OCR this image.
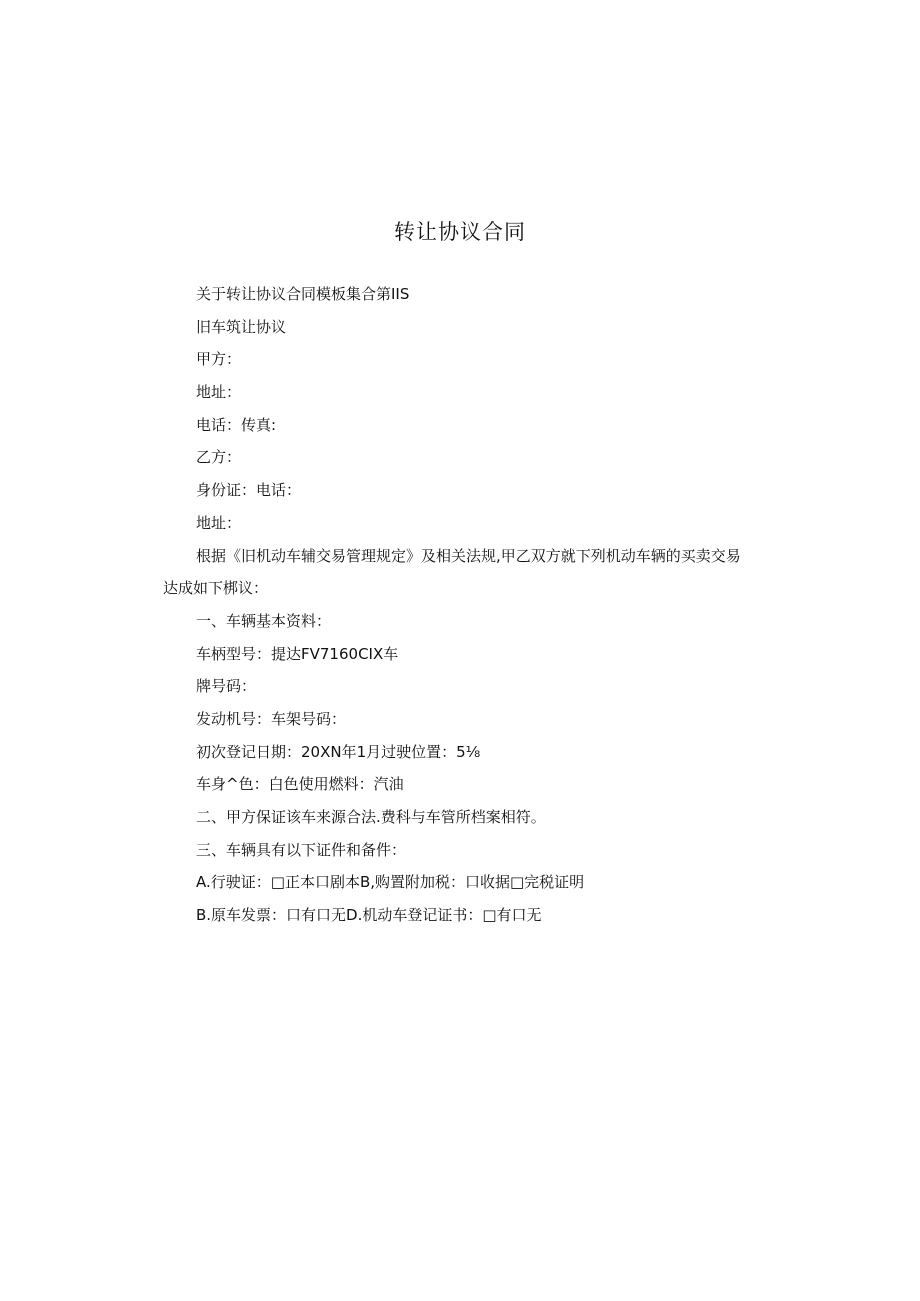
转让协议合同
关于转让协议合同模板集合第IIS
旧车筑让协议
甲方：
地址：
电话：传真:
乙方：
身份证：电话：
地址：
根据《旧机动车辅交易管理规定》及相关法规,甲乙双方就下列机动车辆的买卖交易
达成如下梆议：
一、车辆基本资料：
车柄型号：提达FV7160CIX车
牌号码：
发动机号：车架号码：
初次登记日期：20XN年1月过驶位置：5⅛
车身^色：白色使用燃料：汽油
二、甲方保证该车来源合法.费科与车管所档案相符。
三、车辆具有以下证件和备件：
A.行驶证：□正本口剧本B,购置附加税：口收据□完税证明
B.原车发票：口有口无D.机动车登记证书：□有口无
